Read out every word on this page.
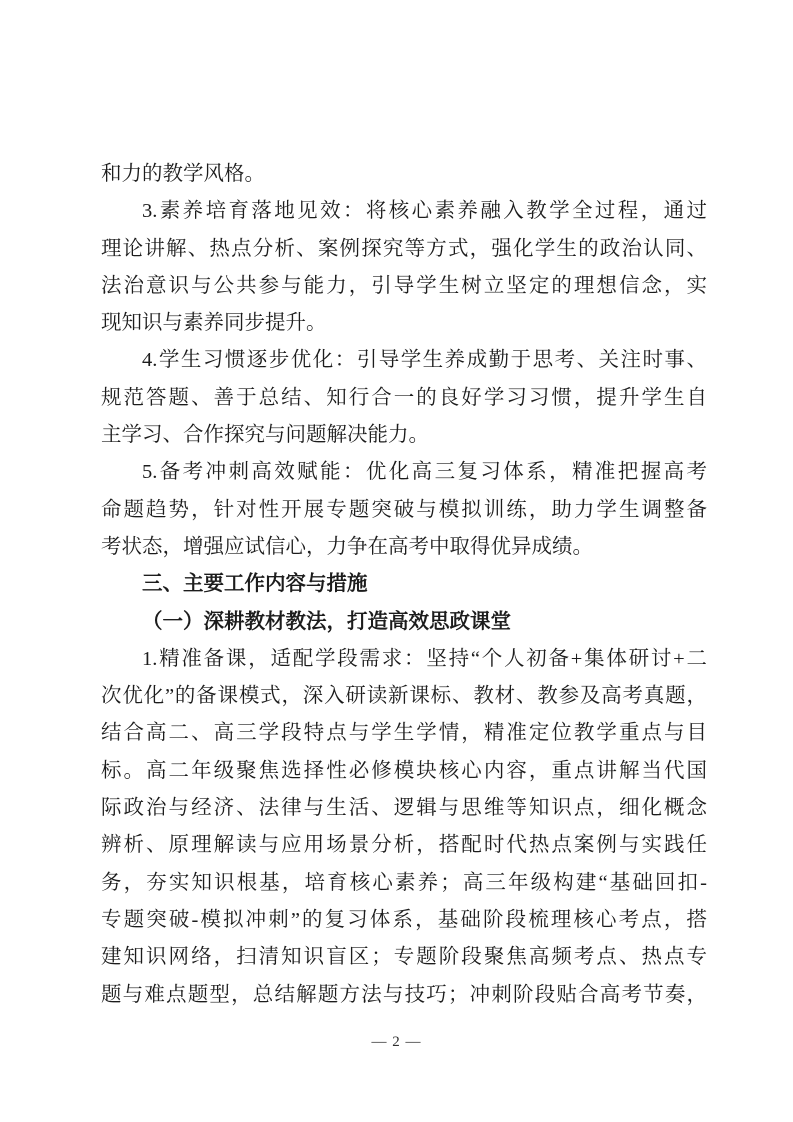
和力的教学风格。
3.素养培育落地见效：将核心素养融入教学全过程，通过
理论讲解、热点分析、案例探究等方式，强化学生的政治认同、
法治意识与公共参与能力，引导学生树立坚定的理想信念，实
现知识与素养同步提升。
4.学生习惯逐步优化：引导学生养成勤于思考、关注时事、
规范答题、善于总结、知行合一的良好学习习惯，提升学生自
主学习、合作探究与问题解决能力。
5.备考冲刺高效赋能：优化高三复习体系，精准把握高考
命题趋势，针对性开展专题突破与模拟训练，助力学生调整备
考状态，增强应试信心，力争在高考中取得优异成绩。
三、主要工作内容与措施
（一）深耕教材教法，打造高效思政课堂
1.精准备课，适配学段需求：坚持“个人初备+集体研讨+二
次优化”的备课模式，深入研读新课标、教材、教参及高考真题，
结合高二、高三学段特点与学生学情，精准定位教学重点与目
标。高二年级聚焦选择性必修模块核心内容，重点讲解当代国
际政治与经济、法律与生活、逻辑与思维等知识点，细化概念
辨析、原理解读与应用场景分析，搭配时代热点案例与实践任
务，夯实知识根基，培育核心素养；高三年级构建“基础回扣-
专题突破-模拟冲刺”的复习体系，基础阶段梳理核心考点，搭
建知识网络，扫清知识盲区；专题阶段聚焦高频考点、热点专
题与难点题型，总结解题方法与技巧；冲刺阶段贴合高考节奏，
— 2 —
